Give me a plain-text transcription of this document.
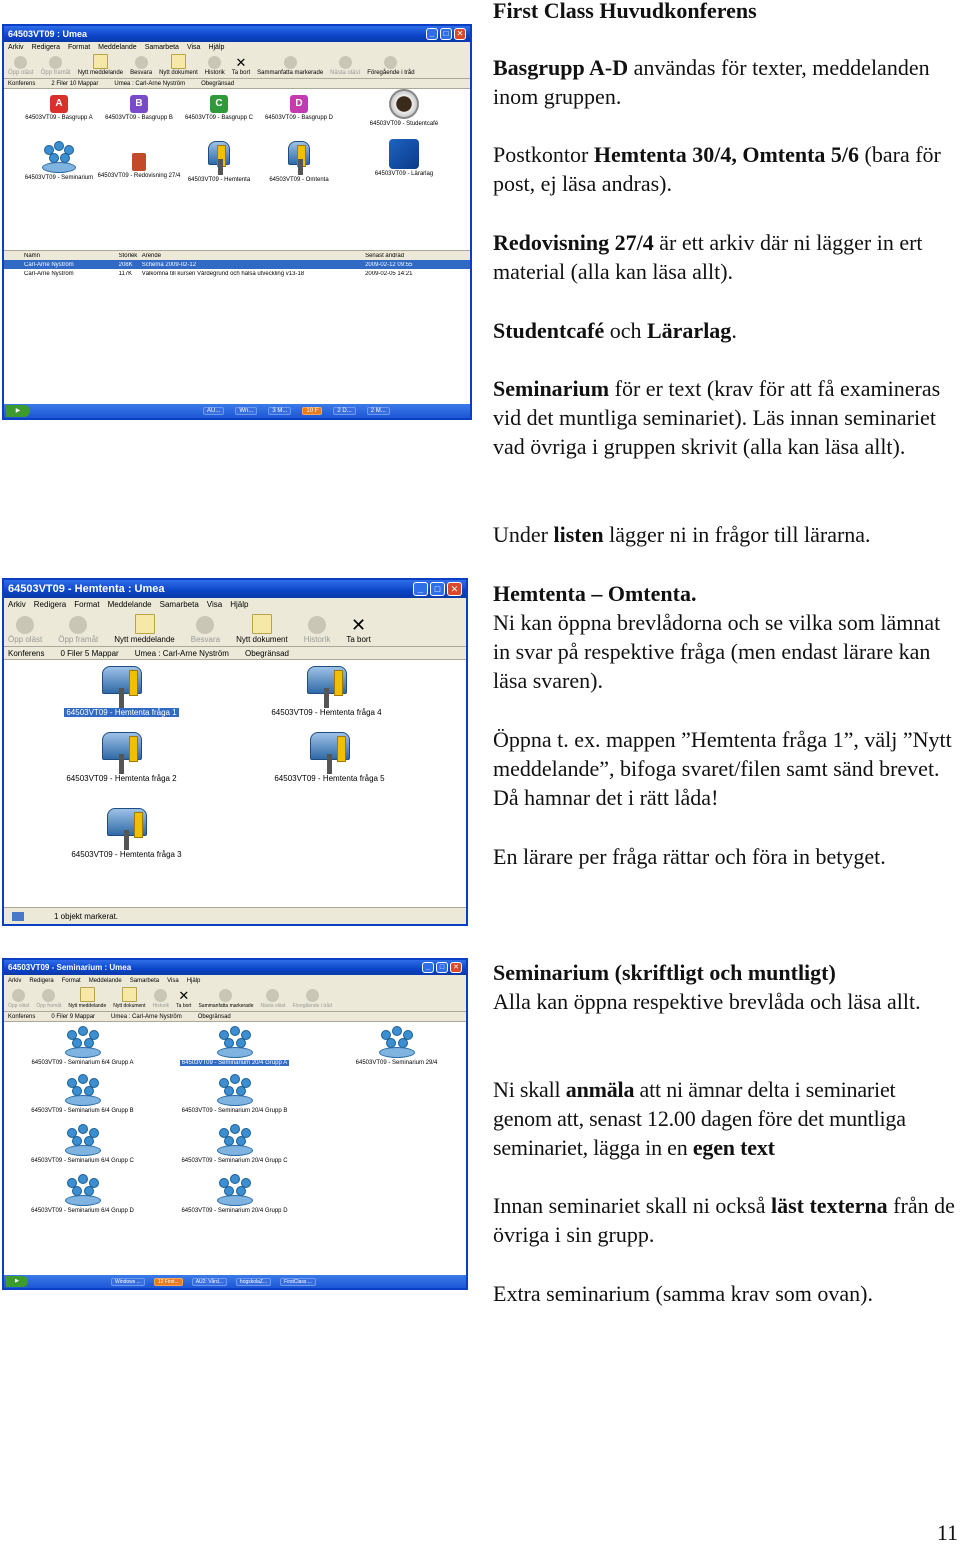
64503VT09 : Umea	_	□	✕
Arkiv Redigera Format Meddelande Samarbeta Visa Hjälp
Öpp oläst Öpp framåt Nytt meddelande Besvara Nytt dokument Historik
✕
Ta bort Sammanfatta markerade Nästa oläst Föregående i tråd
Konferens	2 Filer 10 Mappar	Umea : Carl-Arne Nyström	Obegränsad
A
64503VT09 - Basgrupp A
B
64503VT09 - Basgrupp B
C
64503VT09 - Basgrupp C
D
64503VT09 - Basgrupp D
64503VT09 - Studentcafé
64503VT09 - Seminarium 64503VT09 - Redovisning 27/4
64503VT09 - Hemtenta	64503VT09 - Omtenta
64503VT09 - Lärarlag
Namn	Storlek Ärende	Senast ändrad
Carl-Arne Nyström	208K	Schema 2009-02-12	2009-02-12 09:55
Carl-Arne Nyström	117K	Välkomna till kursen Vårdegrund och hälsa utveckling v13-18	2009-02-05 14:21
▶	AU...	Wn...	3 M...	10 F	2 D...	2 M...
64503VT09 - Hemtenta : Umea	_	□	✕
Arkiv Redigera Format Meddelande Samarbeta Visa Hjälp
Öpp oläst Öpp framåt Nytt meddelande Besvara Nytt dokument Historik
✕
Ta bort
Konferens 0 Filer 5 Mappar Umea : Carl-Arne Nyström Obegränsad
64503VT09 - Hemtenta fråga 1	64503VT09 - Hemtenta fråga 4
64503VT09 - Hemtenta fråga 2	64503VT09 - Hemtenta fråga 5
64503VT09 - Hemtenta fråga 3
1 objekt markerat.
64503VT09 - Seminarium : Umea	_	□	✕
Arkiv Redigera Format Meddelande Samarbeta Visa Hjälp
Öpp oläst Öpp framåt Nytt meddelande Nytt dokument Historik
✕
Ta bort Sammanfatta markerade Nästa oläst Föregående i tråd
Konferens	0 Filer 9 Mappar	Umea : Carl-Arne Nyström	Obegränsad
64503VT09 - Seminarium 6/4 Grupp A	64503VT09 - Seminarium 20/4 Grupp A	64503VT09 - Seminarium 29/4
64503VT09 - Seminarium 6/4 Grupp B	64503VT09 - Seminarium 20/4 Grupp B
64503VT09 - Seminarium 6/4 Grupp C	64503VT09 - Seminarium 20/4 Grupp C
64503VT09 - Seminarium 6/4 Grupp D	64503VT09 - Seminarium 20/4 Grupp D
▶	Windows ...	12 First...	AU2: Vård...	hogskolaZ...	FirstClass ...

First Class Huvudkonferens

Basgrupp A-D användas för texter, meddelanden inom gruppen.

Postkontor Hemtenta 30/4, Omtenta 5/6 (bara för post, ej läsa andras).

Redovisning 27/4 är ett arkiv där ni lägger in ert material (alla kan läsa allt).

Studentcafé och Lärarlag.

Seminarium för er text (krav för att få examineras vid det muntliga seminariet). Läs innan seminariet vad övriga i gruppen skrivit (alla kan läsa allt).

Under listen lägger ni in frågor till lärarna.

Hemtenta – Omtenta.

Ni kan öppna brevlådorna och se vilka som lämnat in svar på respektive fråga (men endast lärare kan läsa svaren).

Öppna t. ex. mappen ”Hemtenta fråga 1”, välj ”Nytt meddelande”, bifoga svaret/filen samt sänd brevet. Då hamnar det i rätt låda!

En lärare per fråga rättar och föra in betyget.

Seminarium (skriftligt och muntligt)

Alla kan öppna respektive brevlåda och läsa allt.

Ni skall anmäla att ni ämnar delta i seminariet genom att, senast 12.00 dagen före det muntliga seminariet, lägga in en egen text

Innan seminariet skall ni också läst texterna från de övriga i sin grupp.

Extra seminarium (samma krav som ovan).

11
